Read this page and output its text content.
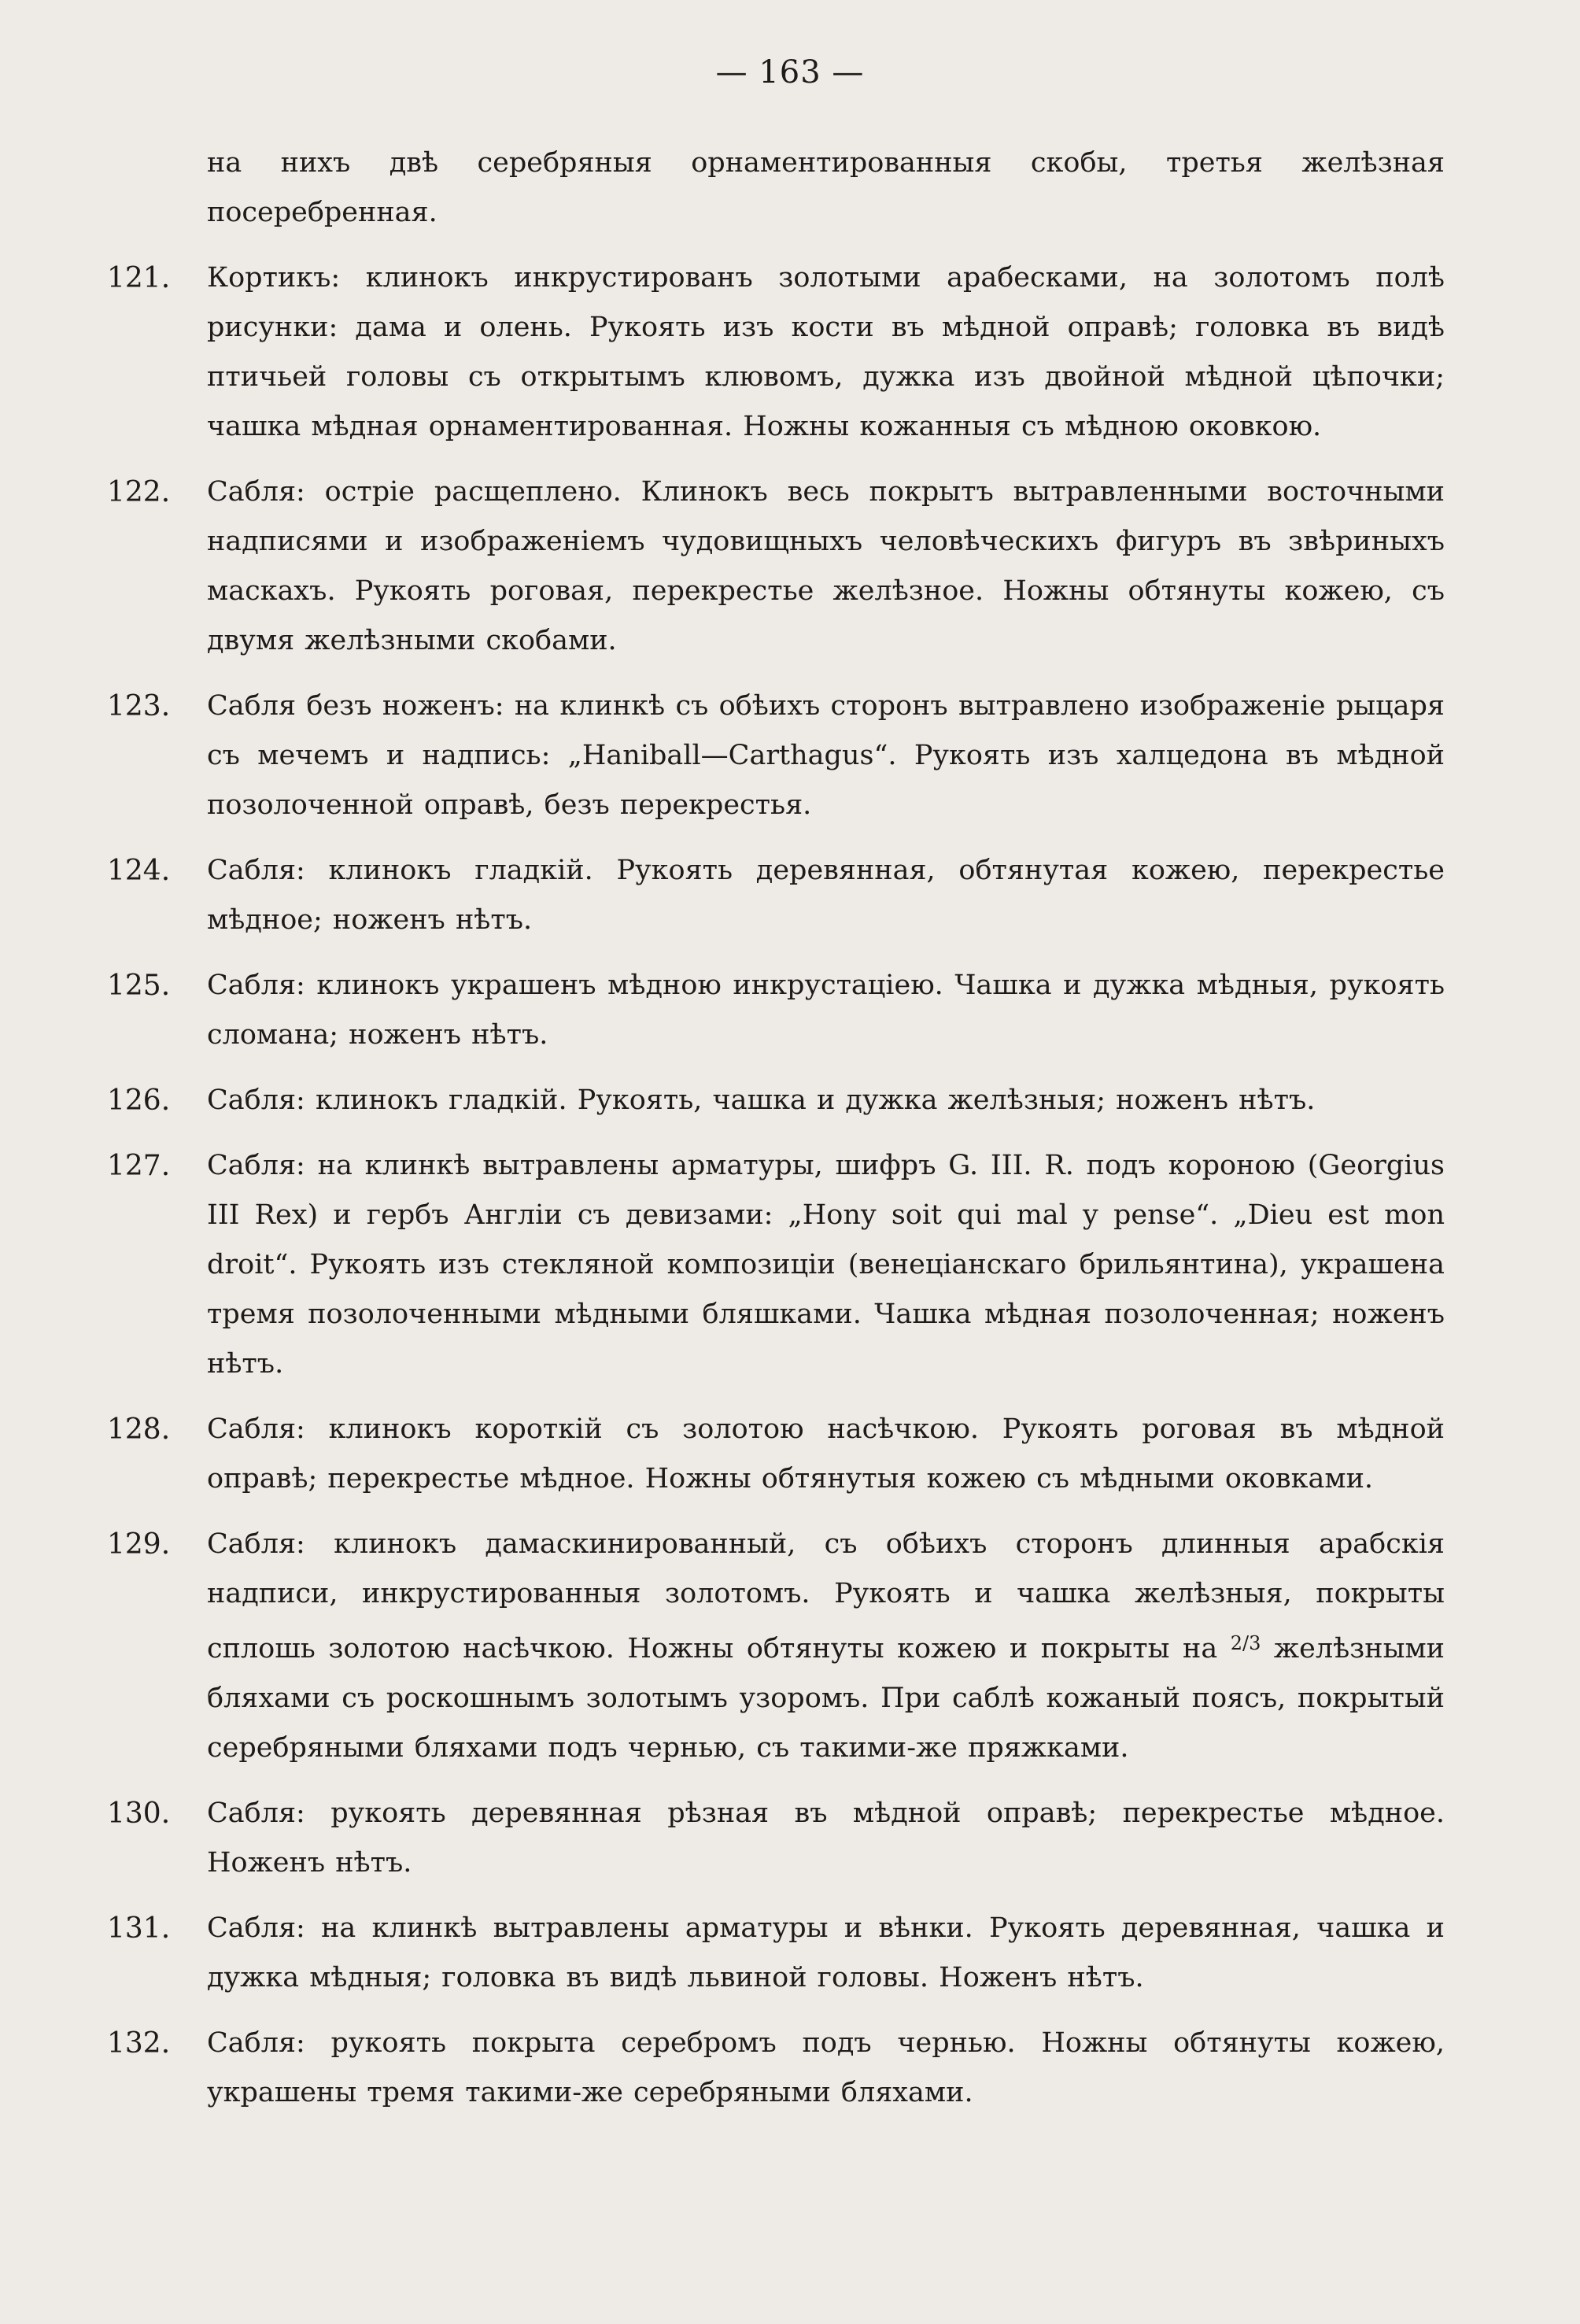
— 163 —
на нихъ двѣ серебряныя орнаментированныя скобы, третья желѣзная посеребренная.
121.	Кортикъ: клинокъ инкрустированъ золотыми арабесками, на золотомъ полѣ рисунки: дама и олень. Рукоять изъ кости въ мѣдной оправѣ; головка въ видѣ птичьей головы съ открытымъ клювомъ, дужка изъ двойной мѣдной цѣпочки; чашка мѣдная орнаментированная. Ножны кожанныя съ мѣдною оковкою.
122.	Сабля: остріе расщеплено. Клинокъ весь покрытъ вытравленными восточными надписями и изображеніемъ чудовищныхъ человѣческихъ фигуръ въ звѣриныхъ маскахъ. Рукоять роговая, перекрестье желѣзное. Ножны обтянуты кожею, съ двумя желѣзными скобами.
123.	Сабля безъ ноженъ: на клинкѣ съ обѣихъ сторонъ вытравлено изображеніе рыцаря съ мечемъ и надпись: „Hanibаll—Carthagus“. Рукоять изъ халцедона въ мѣдной позолоченной оправѣ, безъ перекрестья.
124.	Сабля: клинокъ гладкій. Рукоять деревянная, обтянутая кожею, перекрестье мѣдное; ноженъ нѣтъ.
125.	Сабля: клинокъ украшенъ мѣдною инкрустаціею. Чашка и дужка мѣдныя, рукоять сломана; ноженъ нѣтъ.
126.	Сабля: клинокъ гладкій. Рукоять, чашка и дужка желѣзныя; ноженъ нѣтъ.
127.	Сабля: на клинкѣ вытравлены арматуры, шифръ G. III. R. подъ короною (Georgius III Rex) и гербъ Англіи съ девизами: „Hony soit qui mal y pense“. „Dieu est mon droit“. Рукоять изъ стекляной композиціи (венеціанскаго брильянтина), украшена тремя позолоченными мѣдными бляшками. Чашка мѣдная позолоченная; ноженъ нѣтъ.
128.	Сабля: клинокъ короткій съ золотою насѣчкою. Рукоять роговая въ мѣдной оправѣ; перекрестье мѣдное. Ножны обтянутыя кожею съ мѣдными оковками.
129.	Сабля: клинокъ дамаскинированный, съ обѣихъ сторонъ длинныя арабскія надписи, инкрустированныя золотомъ. Рукоять и чашка желѣзныя, покрыты сплошь золотою насѣчкою. Ножны обтянуты кожею и покрыты на $^{2/3}$ желѣзными бляхами съ роскошнымъ золотымъ узоромъ. При саблѣ кожаный поясъ, покрытый серебряными бляхами подъ чернью, съ такими-же пряжками.
130.	Сабля: рукоять деревянная рѣзная въ мѣдной оправѣ; перекрестье мѣдное. Ноженъ нѣтъ.
131.	Сабля: на клинкѣ вытравлены арматуры и вѣнки. Рукоять деревянная, чашка и дужка мѣдныя; головка въ видѣ львиной головы. Ноженъ нѣтъ.
132.	Сабля: рукоять покрыта серебромъ подъ чернью. Ножны обтянуты кожею, украшены тремя такими-же серебряными бляхами.
